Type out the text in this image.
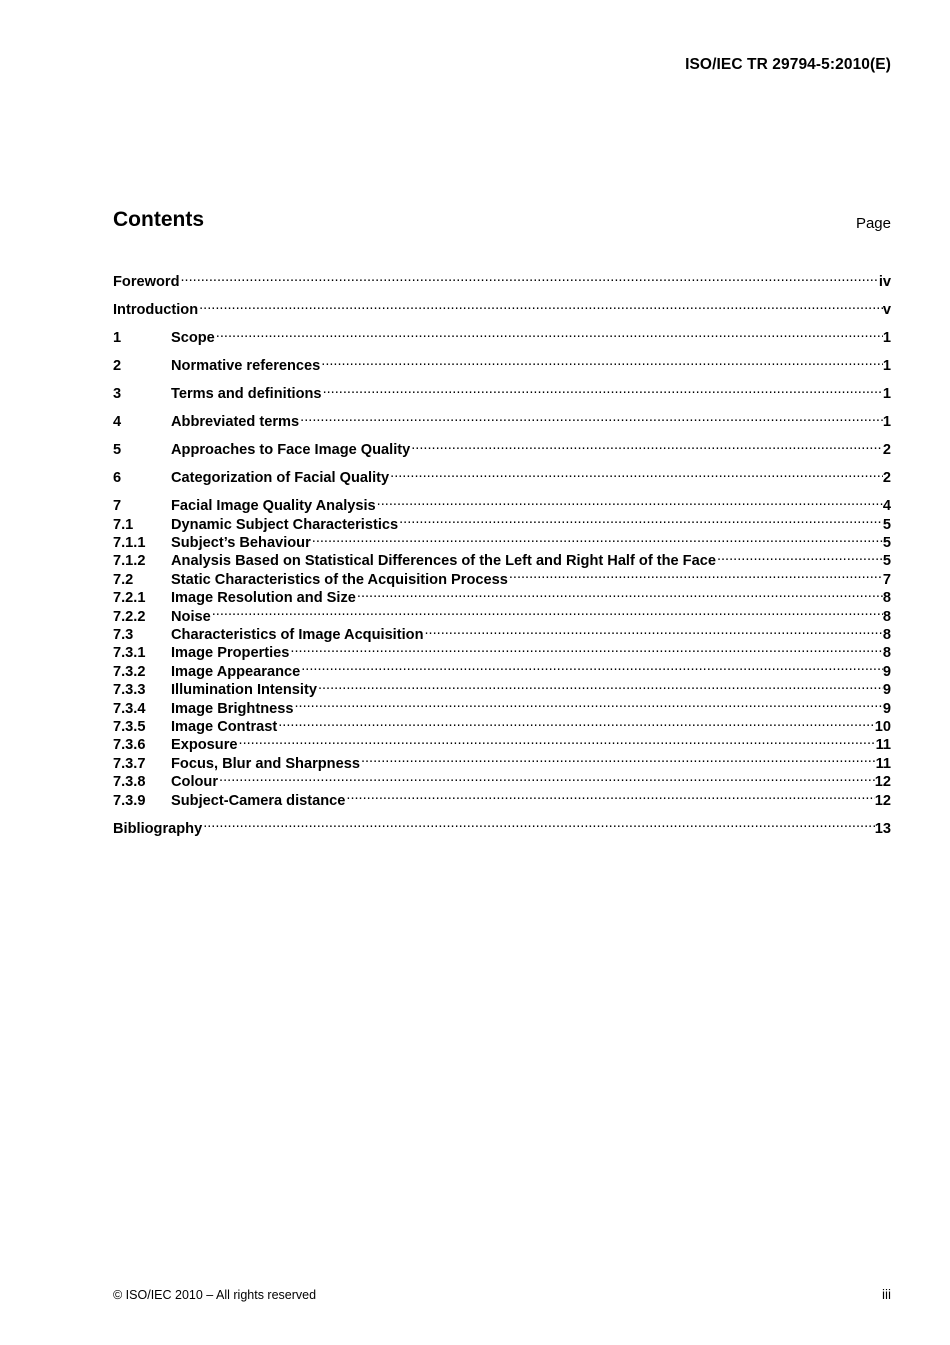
ISO/IEC TR 29794-5:2010(E)
Contents	Page
Foreword .....	iv
Introduction .....	v
1	Scope .....	1
2	Normative references .....	1
3	Terms and definitions .....	1
4	Abbreviated terms .....	1
5	Approaches to Face Image Quality .....	2
6	Categorization of Facial Quality .....	2
7	Facial Image Quality Analysis .....	4
7.1	Dynamic Subject Characteristics .....	5
7.1.1	Subject’s Behaviour .....	5
7.1.2	Analysis Based on Statistical Differences of the Left and Right Half of the Face .....	5
7.2	Static Characteristics of the Acquisition Process .....	7
7.2.1	Image Resolution and Size .....	8
7.2.2	Noise .....	8
7.3	Characteristics of Image Acquisition .....	8
7.3.1	Image Properties .....	8
7.3.2	Image Appearance .....	9
7.3.3	Illumination Intensity .....	9
7.3.4	Image Brightness .....	9
7.3.5	Image Contrast .....	10
7.3.6	Exposure .....	11
7.3.7	Focus, Blur and Sharpness .....	11
7.3.8	Colour .....	12
7.3.9	Subject-Camera distance .....	12
Bibliography .....	13
© ISO/IEC 2010 – All rights reserved	iii
